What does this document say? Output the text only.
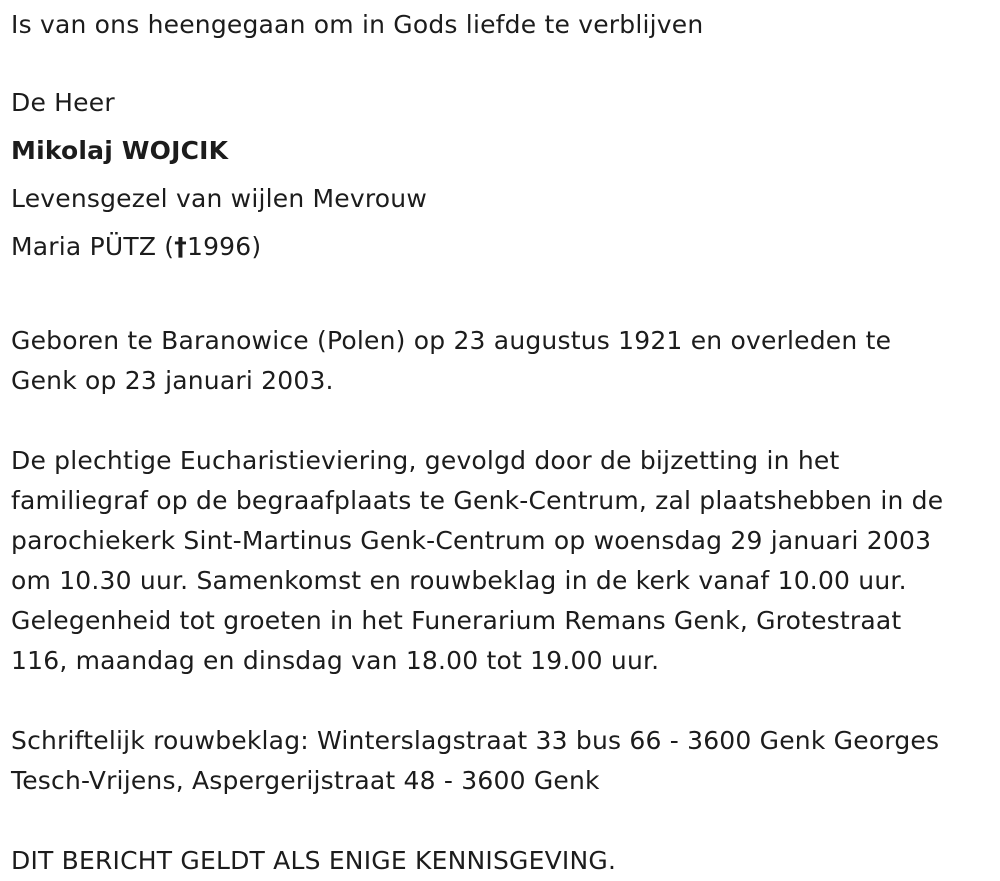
Is van ons heengegaan om in Gods liefde te verblijven
De Heer
Mikolaj WOJCIK
Levensgezel van wijlen Mevrouw
Maria PÜTZ (†1996)
Geboren te Baranowice (Polen) op 23 augustus 1921 en overleden te
Genk op 23 januari 2003.
De plechtige Eucharistieviering, gevolgd door de bijzetting in het
familiegraf op de begraafplaats te Genk-Centrum, zal plaatshebben in de
parochiekerk Sint-Martinus Genk-Centrum op woensdag 29 januari 2003
om 10.30 uur. Samenkomst en rouwbeklag in de kerk vanaf 10.00 uur.
Gelegenheid tot groeten in het Funerarium Remans Genk, Grotestraat
116, maandag en dinsdag van 18.00 tot 19.00 uur.
Schriftelijk rouwbeklag: Winterslagstraat 33 bus 66 - 3600 Genk Georges
Tesch-Vrijens, Aspergerijstraat 48 - 3600 Genk
DIT BERICHT GELDT ALS ENIGE KENNISGEVING.
